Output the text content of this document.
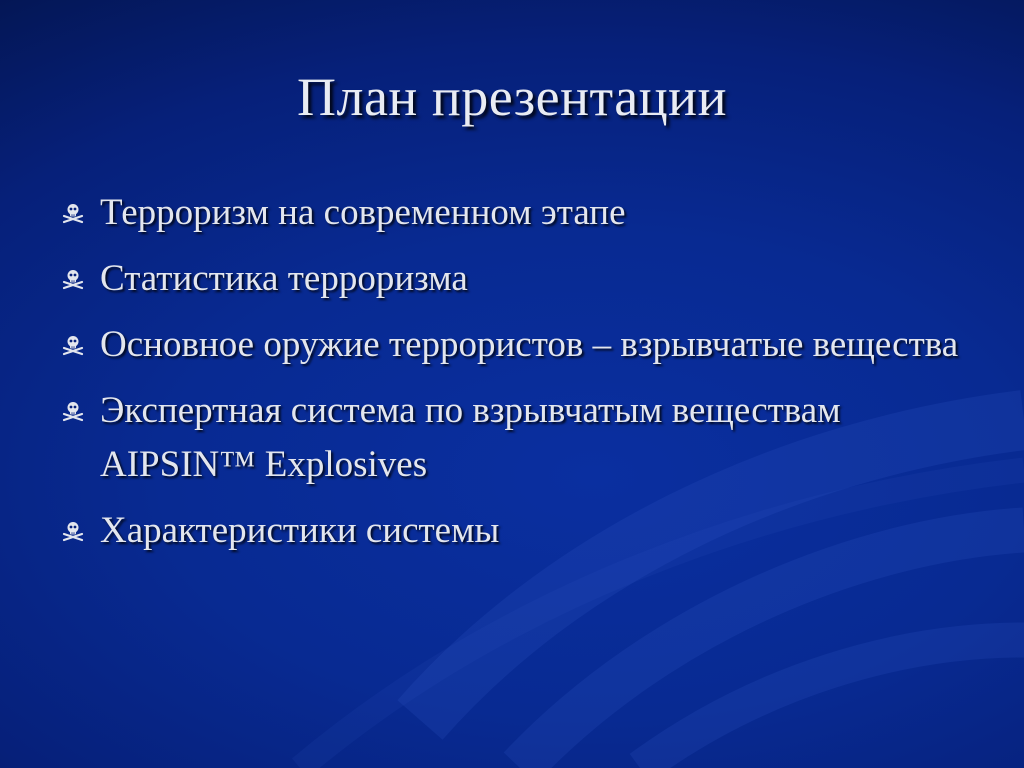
План презентации
Терроризм на современном этапе
Статистика терроризма
Основное оружие террористов – взрывчатые вещества
Экспертная система по взрывчатым веществам AIPSIN™ Explosives
Характеристики системы
